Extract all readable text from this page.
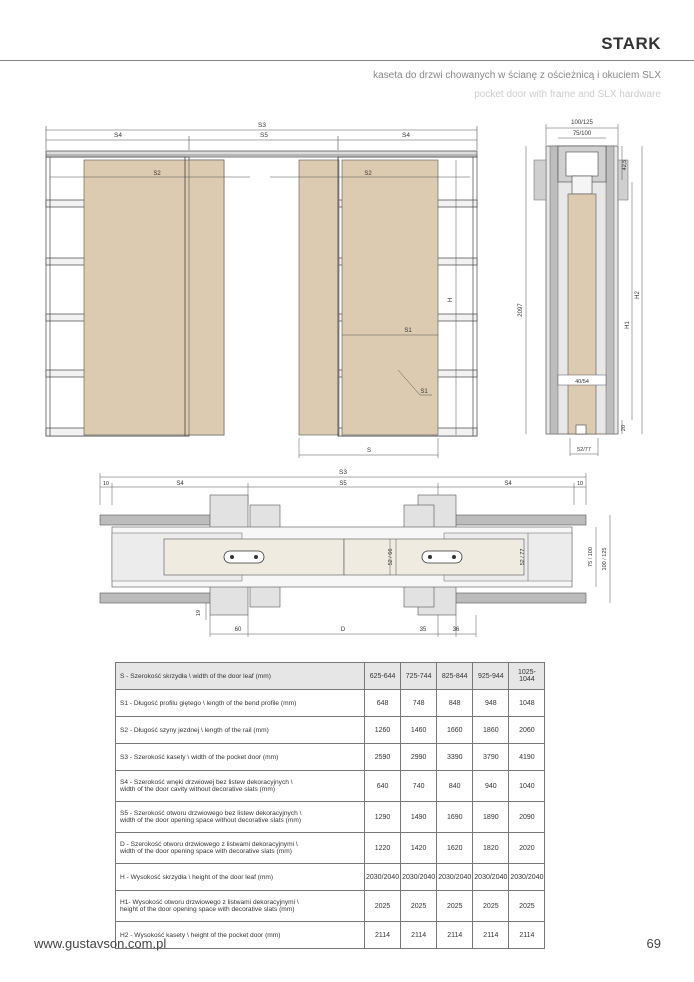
STARK
kaseta do drzwi chowanych w ścianę z ościeżnicą i okuciem SLX
pocket door with frame and SLX hardware
S3
S4	S5	S4
S2	S2
H
S1
S1
S
100/125
75/100
40/54
42,5
2097
H2
H1
20
52/77
S3
10	S4	S5	S4	10
52 / 66	52 / 77	75 / 100 100 / 125
19
60	D	35	36
S - Szerokość skrzydła \ width of the door leaf (mm)	625-644	725-744	825-844	925-944	1025-1044
S1 - Długość profilu giętego \ length of the bend profile (mm)	648	748	848	948	1048
S2 - Długość szyny jezdnej \ length of the rail (mm)	1260	1460	1660	1860	2060
S3 - Szerokość kasety \ width of the pocket door (mm)	2590	2990	3390	3790	4190
S4 - Szerokość wnęki drzwiowej bez listew dekoracyjnych \
width of the door cavity without decorative slats (mm)	640	740	840	940	1040
S5 - Szerokość otworu drzwiowego bez listew dekoracyjnych \
width of the door opening space without decorative slats (mm)	1290	1490	1690	1890	2090
D - Szerokość otworu drzwiowego z listwami dekoracyjnymi \
width of the door opening space with decorative slats (mm)	1220	1420	1620	1820	2020
H - Wysokość skrzydła \ height of the door leaf (mm)	2030/2040	2030/2040	2030/2040	2030/2040	2030/2040
H1- Wysokość otworu drzwiowego z listwami dekoracyjnymi \
height of the door opening space with decorative slats (mm)	2025	2025	2025	2025	2025
H2 - Wysokość kasety \ height of the pocket door (mm)	2114	2114	2114	2114	2114
www.gustavson.com.pl	69
